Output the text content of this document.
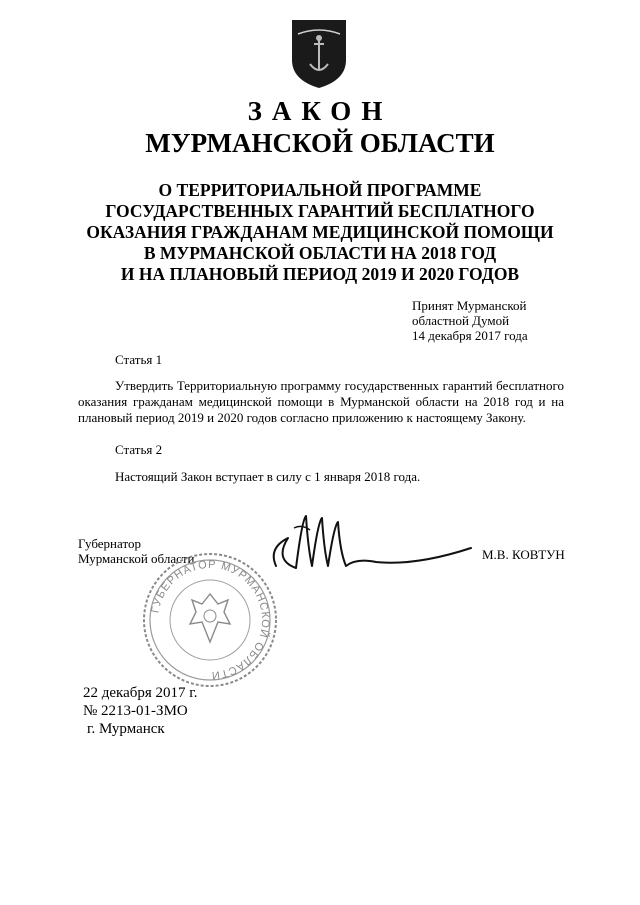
ЗАКОН
МУРМАНСКОЙ ОБЛАСТИ
О ТЕРРИТОРИАЛЬНОЙ ПРОГРАММЕ
ГОСУДАРСТВЕННЫХ ГАРАНТИЙ БЕСПЛАТНОГО
ОКАЗАНИЯ ГРАЖДАНАМ МЕДИЦИНСКОЙ ПОМОЩИ
В МУРМАНСКОЙ ОБЛАСТИ НА 2018 ГОД
И НА ПЛАНОВЫЙ ПЕРИОД 2019 И 2020 ГОДОВ
Принят Мурманской
областной Думой
14 декабря 2017 года
Статья 1
Утвердить Территориальную программу государственных гарантий бесплатного оказания гражданам медицинской помощи в Мурманской области на 2018 год и на плановый период 2019 и 2020 годов согласно приложению к настоящему Закону.
Статья 2
Настоящий Закон вступает в силу с 1 января 2018 года.
Губернатор
Мурманской области	М.В. КОВТУН
ГУБЕРНАТОР МУРМАНСКОЙ ОБЛАСТИ
22 декабря 2017 г.
№ 2213-01-ЗМО
г. Мурманск
